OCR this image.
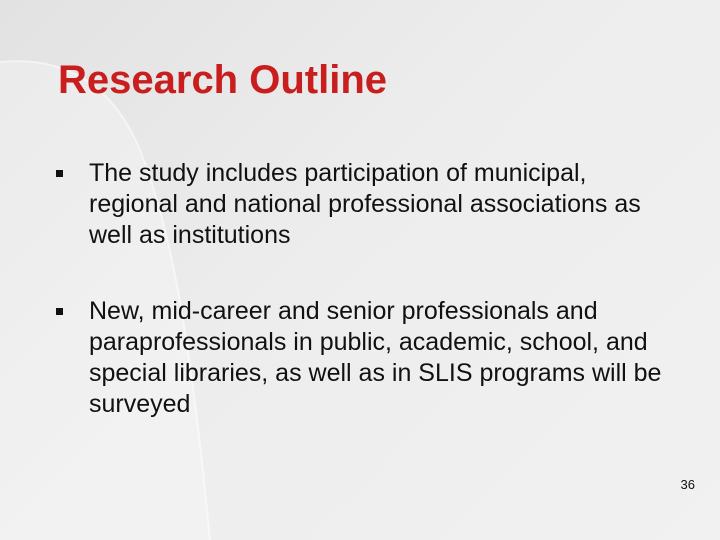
Research Outline
The study includes participation of municipal, regional and national professional associations as well as institutions
New, mid-career and senior professionals and paraprofessionals in public, academic, school, and special libraries, as well as in SLIS programs will be surveyed
36
